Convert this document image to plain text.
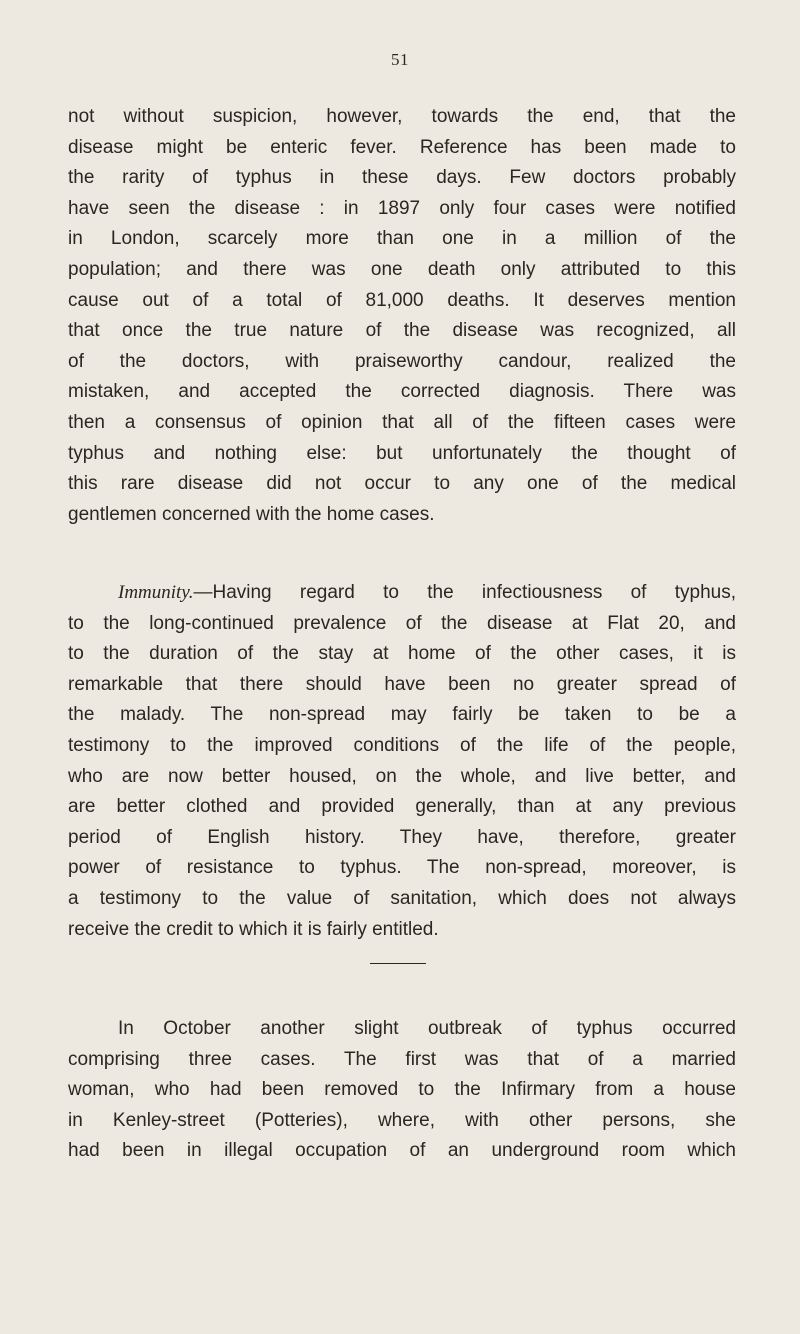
51
not without suspicion, however, towards the end, that the
disease might be enteric fever. Reference has been made to
the rarity of typhus in these days. Few doctors probably
have seen the disease : in 1897 only four cases were notified
in London, scarcely more than one in a million of the
population; and there was one death only attributed to this
cause out of a total of 81,000 deaths. It deserves mention
that once the true nature of the disease was recognized, all
of the doctors, with praiseworthy candour, realized the
mistaken, and accepted the corrected diagnosis. There was
then a consensus of opinion that all of the fifteen cases were
typhus and nothing else: but unfortunately the thought of
this rare disease did not occur to any one of the medical
gentlemen concerned with the home cases.
Immunity.—Having regard to the infectiousness of typhus,
to the long-continued prevalence of the disease at Flat 20, and
to the duration of the stay at home of the other cases, it is
remarkable that there should have been no greater spread of
the malady. The non-spread may fairly be taken to be a
testimony to the improved conditions of the life of the people,
who are now better housed, on the whole, and live better, and
are better clothed and provided generally, than at any previous
period of English history. They have, therefore, greater
power of resistance to typhus. The non-spread, moreover, is
a testimony to the value of sanitation, which does not always
receive the credit to which it is fairly entitled.
In October another slight outbreak of typhus occurred
comprising three cases. The first was that of a married
woman, who had been removed to the Infirmary from a house
in Kenley-street (Potteries), where, with other persons, she
had been in illegal occupation of an underground room which
